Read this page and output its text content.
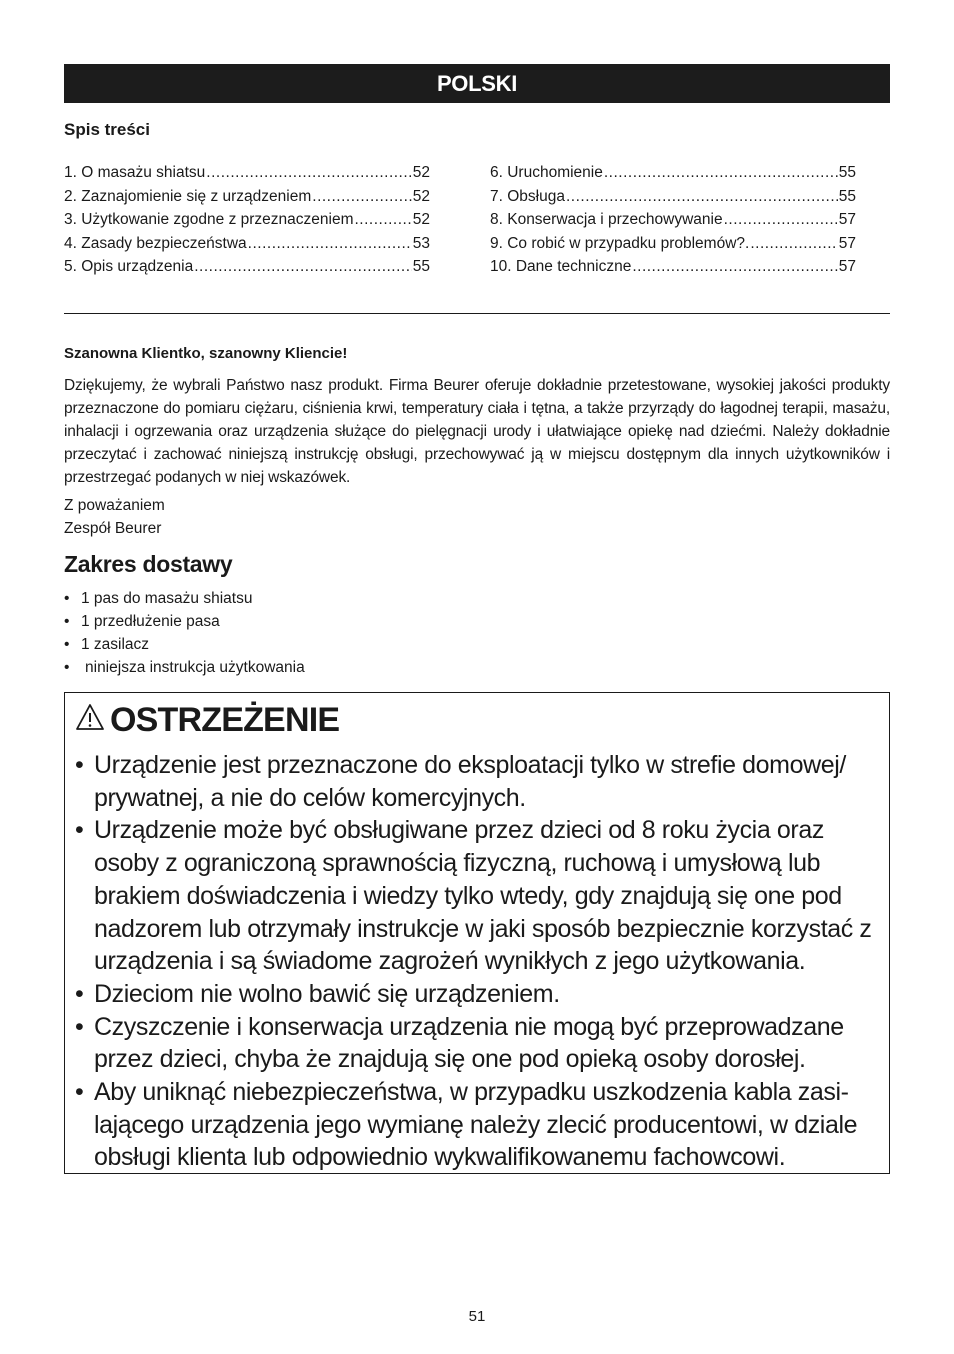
POLSKI
Spis treści
1. O masażu shiatsu .....	52
2. Zaznajomienie się z urządzeniem .....	52
3. Użytkowanie zgodne z przeznaczeniem .....	52
4. Zasady bezpieczeństwa .....	53
5. Opis urządzenia .....	55
6. Uruchomienie .....	55
7. Obsługa .....	55
8. Konserwacja i przechowywanie .....	57
9. Co robić w przypadku problemów?. .....	57
10. Dane techniczne .....	57
Szanowna Klientko, szanowny Kliencie!
Dziękujemy, że wybrali Państwo nasz produkt. Firma Beurer oferuje dokładnie przetestowane, wysokiej jakości produkty przeznaczone do pomiaru ciężaru, ciśnienia krwi, temperatury ciała i tętna, a także przyrządy do łagodnej terapii, masażu, inhalacji i ogrzewania oraz urządzenia służące do pielęgnacji urody i ułatwiające opiekę nad dziećmi. Należy dokładnie przeczytać i zachować niniejszą instrukcję obsługi, przechowywać ją w miejscu dostępnym dla innych użytkowników i przestrzegać podanych w niej wskazówek.
Z poważaniem
Zespół Beurer
Zakres dostawy
• 1 pas do masażu shiatsu
• 1 przedłużenie pasa
• 1 zasilacz
•	niniejsza instrukcja użytkowania
OSTRZEŻENIE
• Urządzenie jest przeznaczone do eksploatacji tylko w strefie domowej/ prywatnej, a nie do celów komercyjnych.
• Urządzenie może być obsługiwane przez dzieci od 8 roku życia oraz osoby z ograniczoną sprawnością fizyczną, ruchową i umysłową lub brakiem doświadczenia i wiedzy tylko wtedy, gdy znajdują się one pod nadzorem lub otrzymały instrukcje w jaki sposób bezpiecznie korzystać z urządzenia i są świadome zagrożeń wynikłych z jego użytkowania.
• Dzieciom nie wolno bawić się urządzeniem.
• Czyszczenie i konserwacja urządzenia nie mogą być przeprowadzane przez dzieci, chyba że znajdują się one pod opieką osoby dorosłej.
• Aby uniknąć niebezpieczeństwa, w przypadku uszkodzenia kabla zasi-lającego urządzenia jego wymianę należy zlecić producentowi, w dziale obsługi klienta lub odpowiednio wykwalifikowanemu fachowcowi.
51
